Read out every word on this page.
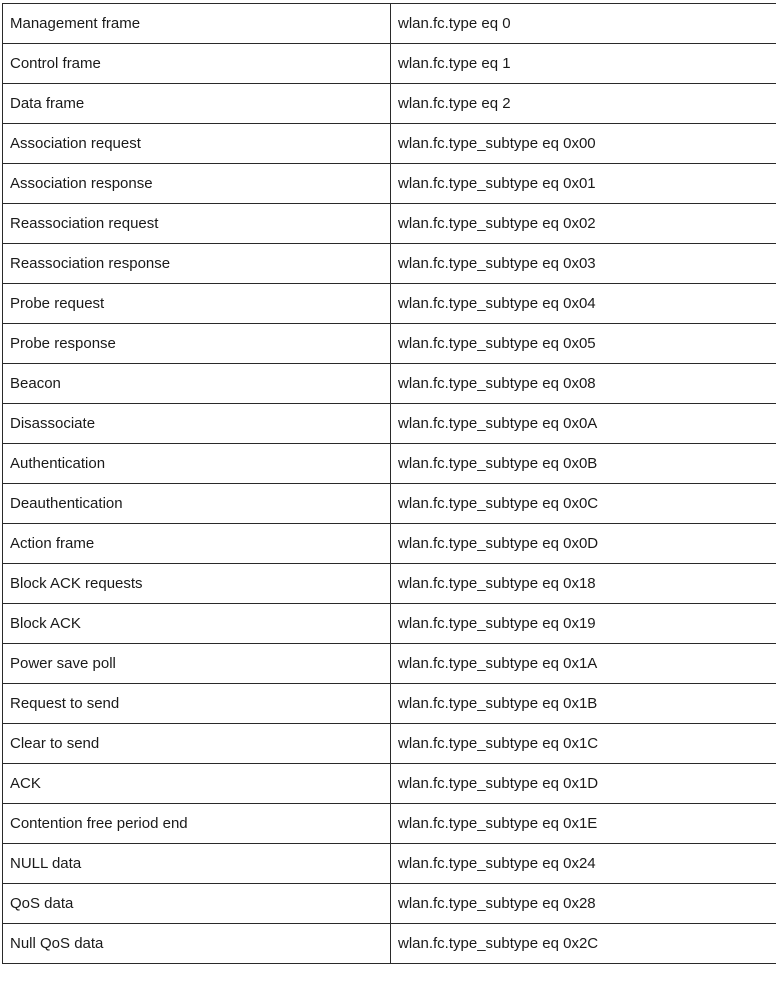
Management frame	wlan.fc.type eq 0
Control frame	wlan.fc.type eq 1
Data frame	wlan.fc.type eq 2
Association request	wlan.fc.type_subtype eq 0x00
Association response	wlan.fc.type_subtype eq 0x01
Reassociation request	wlan.fc.type_subtype eq 0x02
Reassociation response	wlan.fc.type_subtype eq 0x03
Probe request	wlan.fc.type_subtype eq 0x04
Probe response	wlan.fc.type_subtype eq 0x05
Beacon	wlan.fc.type_subtype eq 0x08
Disassociate	wlan.fc.type_subtype eq 0x0A
Authentication	wlan.fc.type_subtype eq 0x0B
Deauthentication	wlan.fc.type_subtype eq 0x0C
Action frame	wlan.fc.type_subtype eq 0x0D
Block ACK requests	wlan.fc.type_subtype eq 0x18
Block ACK	wlan.fc.type_subtype eq 0x19
Power save poll	wlan.fc.type_subtype eq 0x1A
Request to send	wlan.fc.type_subtype eq 0x1B
Clear to send	wlan.fc.type_subtype eq 0x1C
ACK	wlan.fc.type_subtype eq 0x1D
Contention free period end	wlan.fc.type_subtype eq 0x1E
NULL data	wlan.fc.type_subtype eq 0x24
QoS data	wlan.fc.type_subtype eq 0x28
Null QoS data	wlan.fc.type_subtype eq 0x2C
